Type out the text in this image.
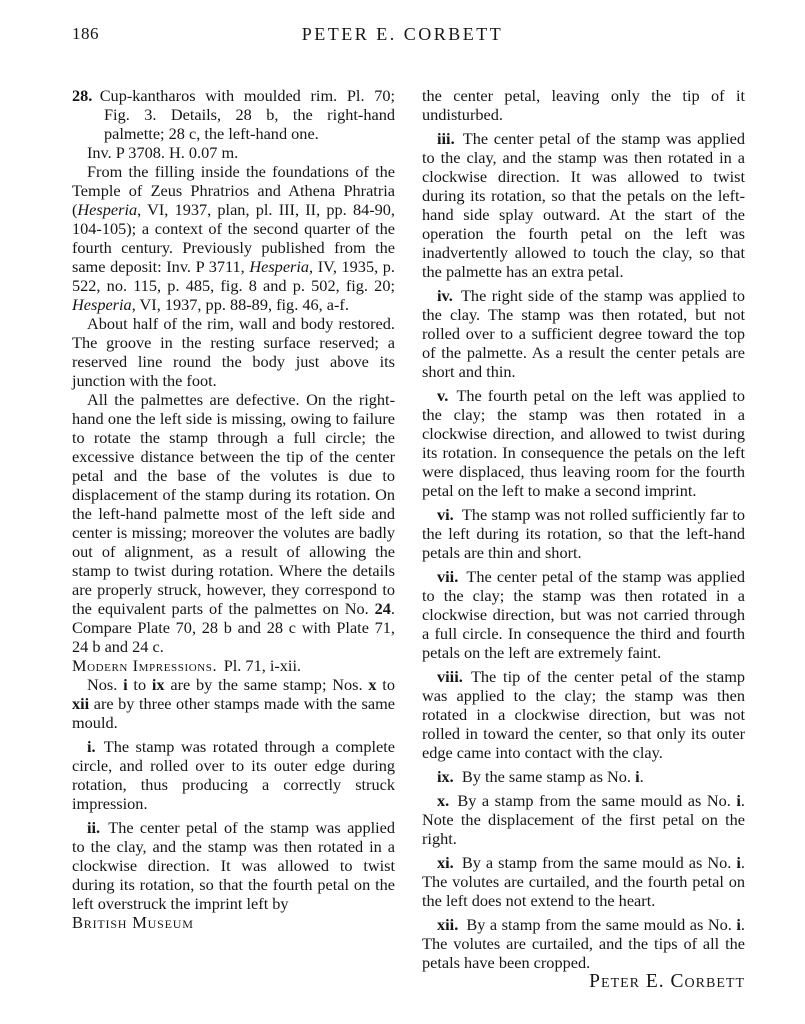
186	PETER E. CORBETT

28. Cup-kantharos with moulded rim. Pl. 70; Fig. 3. Details, 28 b, the right-hand palmette; 28 c, the left-hand one.

Inv. P 3708. H. 0.07 m.

From the filling inside the foundations of the Temple of Zeus Phratrios and Athena Phratria (Hesperia, VI, 1937, plan, pl. III, II, pp. 84-90, 104-105); a context of the second quarter of the fourth century. Previously published from the same deposit: Inv. P 3711, Hesperia, IV, 1935, p. 522, no. 115, p. 485, fig. 8 and p. 502, fig. 20; Hesperia, VI, 1937, pp. 88-89, fig. 46, a-f.

About half of the rim, wall and body restored. The groove in the resting surface reserved; a reserved line round the body just above its junction with the foot.

All the palmettes are defective. On the right-hand one the left side is missing, owing to failure to rotate the stamp through a full circle; the excessive distance between the tip of the center petal and the base of the volutes is due to displacement of the stamp during its rotation. On the left-hand palmette most of the left side and center is missing; moreover the volutes are badly out of alignment, as a result of allowing the stamp to twist during rotation. Where the details are properly struck, however, they correspond to the equivalent parts of the palmettes on No. 24. Compare Plate 70, 28 b and 28 c with Plate 71, 24 b and 24 c.

Modern Impressions. Pl. 71, i-xii.

Nos. i to ix are by the same stamp; Nos. x to xii are by three other stamps made with the same mould.

i. The stamp was rotated through a complete circle, and rolled over to its outer edge during rotation, thus producing a correctly struck impression.

ii. The center petal of the stamp was applied to the clay, and the stamp was then rotated in a clockwise direction. It was allowed to twist during its rotation, so that the fourth petal on the left overstruck the imprint left by

British Museum

the center petal, leaving only the tip of it undisturbed.

iii. The center petal of the stamp was applied to the clay, and the stamp was then rotated in a clockwise direction. It was allowed to twist during its rotation, so that the petals on the left-hand side splay outward. At the start of the operation the fourth petal on the left was inadvertently allowed to touch the clay, so that the palmette has an extra petal.

iv. The right side of the stamp was applied to the clay. The stamp was then rotated, but not rolled over to a sufficient degree toward the top of the palmette. As a result the center petals are short and thin.

v. The fourth petal on the left was applied to the clay; the stamp was then rotated in a clockwise direction, and allowed to twist during its rotation. In consequence the petals on the left were displaced, thus leaving room for the fourth petal on the left to make a second imprint.

vi. The stamp was not rolled sufficiently far to the left during its rotation, so that the left-hand petals are thin and short.

vii. The center petal of the stamp was applied to the clay; the stamp was then rotated in a clockwise direction, but was not carried through a full circle. In consequence the third and fourth petals on the left are extremely faint.

viii. The tip of the center petal of the stamp was applied to the clay; the stamp was then rotated in a clockwise direction, but was not rolled in toward the center, so that only its outer edge came into contact with the clay.

ix. By the same stamp as No. i.

x. By a stamp from the same mould as No. i. Note the displacement of the first petal on the right.

xi. By a stamp from the same mould as No. i. The volutes are curtailed, and the fourth petal on the left does not extend to the heart.

xii. By a stamp from the same mould as No. i. The volutes are curtailed, and the tips of all the petals have been cropped.

Peter E. Corbett
